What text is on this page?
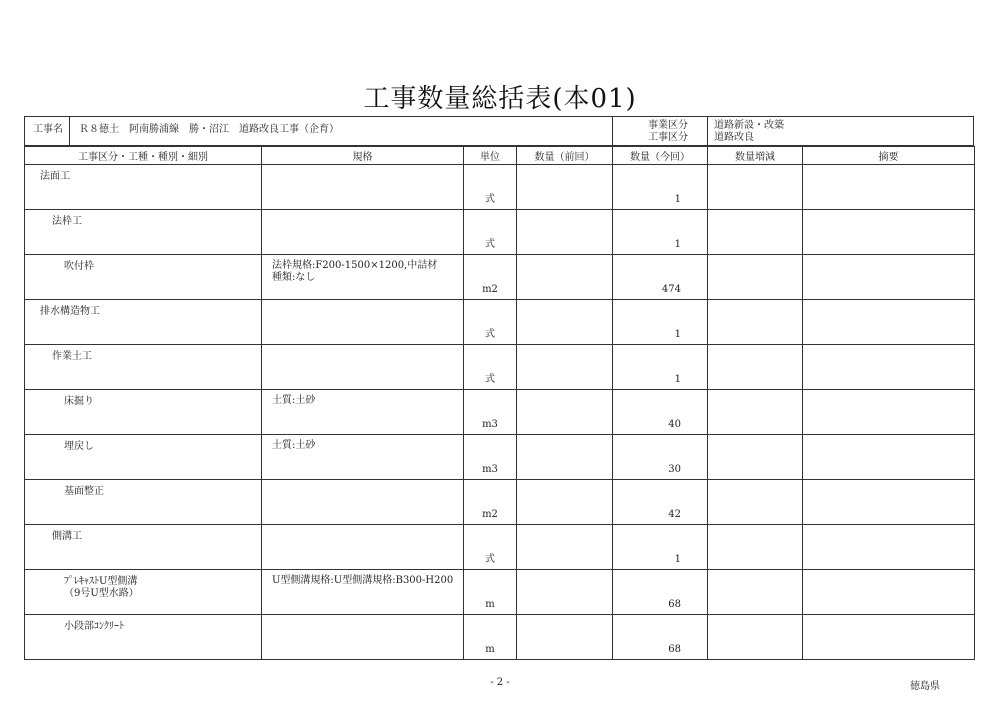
工事数量総括表(本01)
工事名 Ｒ８徳土　阿南勝浦線　勝・沼江　道路改良工事（企育）	事業区分
工事区分
道路新設・改築
道路改良
工事区分・工種・種別・細別	規格	単位	数量（前回）	数量（今回）	数量増減	摘要

法面工		式		1		

法枠工		式		1		

吹付枠	法枠規格:F200-1500×1200,中詰材
種類:なし	m2		474		

排水構造物工		式		1		

作業土工		式		1		

床掘り	土質:土砂	m3		40		

埋戻し	土質:土砂	m3		30		

基面整正		m2		42		

側溝工		式		1		

ﾌﾟﾚｷｬｽﾄU型側溝
（9号U型水路）	U型側溝規格:U型側溝規格:B300-H200	m		68		

小段部ｺﾝｸﾘｰﾄ		m		68		

- 2 -	徳島県
